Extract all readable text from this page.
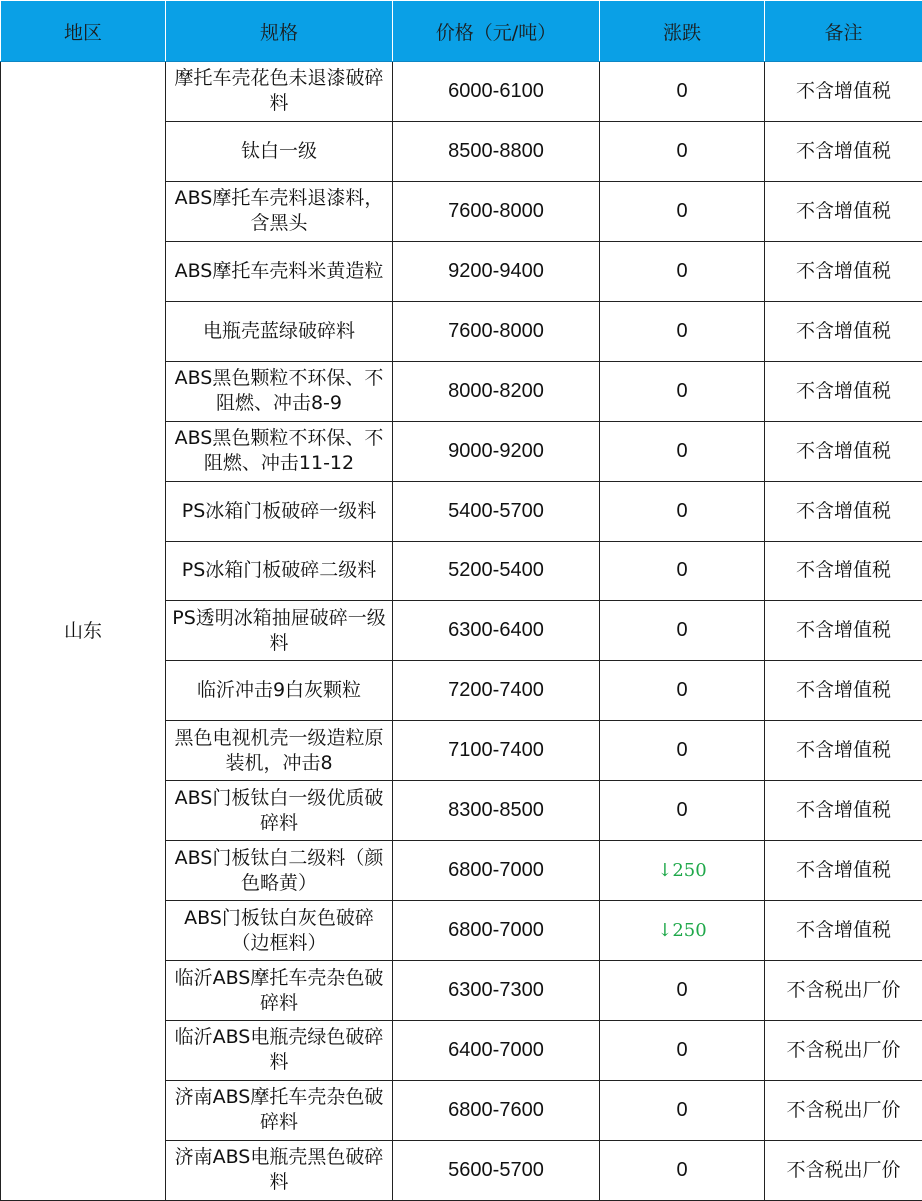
地区	规格	价格（元/吨）	涨跌	备注
山东	摩托车壳花色未退漆破碎料	6000-6100	0	不含增值税
	钛白一级	8500-8800	0	不含增值税
	ABS摩托车壳料退漆料，含黑头	7600-8000	0	不含增值税
	ABS摩托车壳料米黄造粒	9200-9400	0	不含增值税
	电瓶壳蓝绿破碎料	7600-8000	0	不含增值税
	ABS黑色颗粒不环保、不阻燃、冲击8-9	8000-8200	0	不含增值税
	ABS黑色颗粒不环保、不阻燃、冲击11-12	9000-9200	0	不含增值税
	PS冰箱门板破碎一级料	5400-5700	0	不含增值税
	PS冰箱门板破碎二级料	5200-5400	0	不含增值税
	PS透明冰箱抽屉破碎一级料	6300-6400	0	不含增值税
	临沂冲击9白灰颗粒	7200-7400	0	不含增值税
	黑色电视机壳一级造粒原装机，冲击8	7100-7400	0	不含增值税
	ABS门板钛白一级优质破碎料	8300-8500	0	不含增值税
	ABS门板钛白二级料（颜色略黄）	6800-7000	↓250	不含增值税
	ABS门板钛白灰色破碎（边框料）	6800-7000	↓250	不含增值税
	临沂ABS摩托车壳杂色破碎料	6300-7300	0	不含税出厂价
	临沂ABS电瓶壳绿色破碎料	6400-7000	0	不含税出厂价
	济南ABS摩托车壳杂色破碎料	6800-7600	0	不含税出厂价
	济南ABS电瓶壳黑色破碎料	5600-5700	0	不含税出厂价
